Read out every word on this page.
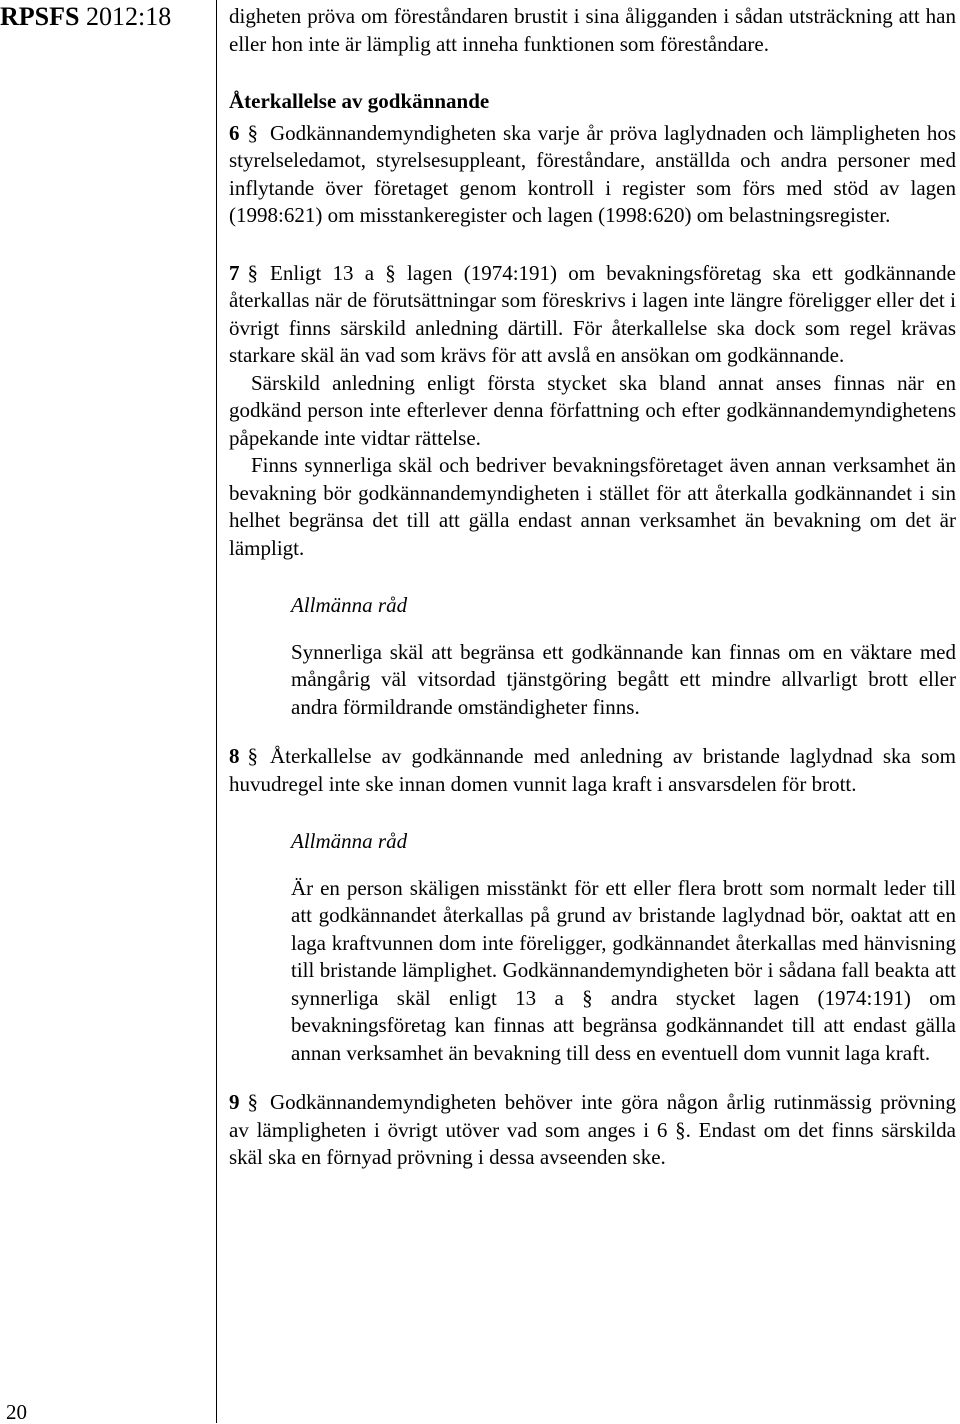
RPSFS 2012:18
20

digheten pröva om föreståndaren brustit i sina åligganden i sådan utsträckning att han eller hon inte är lämplig att inneha funktionen som föreståndare.

Återkallelse av godkännande

6 § Godkännandemyndigheten ska varje år pröva laglydnaden och lämpligheten hos styrelseledamot, styrelsesuppleant, föreståndare, anställda och andra personer med inflytande över företaget genom kontroll i register som förs med stöd av lagen (1998:621) om misstankeregister och lagen (1998:620) om belastningsregister.

7 § Enligt 13 a § lagen (1974:191) om bevakningsföretag ska ett godkännande återkallas när de förutsättningar som föreskrivs i lagen inte längre föreligger eller det i övrigt finns särskild anledning därtill. För återkallelse ska dock som regel krävas starkare skäl än vad som krävs för att avslå en ansökan om godkännande.

Särskild anledning enligt första stycket ska bland annat anses finnas när en godkänd person inte efterlever denna författning och efter godkännandemyndighetens påpekande inte vidtar rättelse.

Finns synnerliga skäl och bedriver bevakningsföretaget även annan verksamhet än bevakning bör godkännandemyndigheten i stället för att återkalla godkännandet i sin helhet begränsa det till att gälla endast annan verksamhet än bevakning om det är lämpligt.

Allmänna råd

Synnerliga skäl att begränsa ett godkännande kan finnas om en väktare med mångårig väl vitsordad tjänstgöring begått ett mindre allvarligt brott eller andra förmildrande omständigheter finns.

8 § Återkallelse av godkännande med anledning av bristande laglydnad ska som huvudregel inte ske innan domen vunnit laga kraft i ansvarsdelen för brott.

Allmänna råd

Är en person skäligen misstänkt för ett eller flera brott som normalt leder till att godkännandet återkallas på grund av bristande laglydnad bör, oaktat att en laga kraftvunnen dom inte föreligger, godkännandet återkallas med hänvisning till bristande lämplighet. Godkännandemyndigheten bör i sådana fall beakta att synnerliga skäl enligt 13 a § andra stycket lagen (1974:191) om bevakningsföretag kan finnas att begränsa godkännandet till att endast gälla annan verksamhet än bevakning till dess en eventuell dom vunnit laga kraft.

9 § Godkännandemyndigheten behöver inte göra någon årlig rutinmässig prövning av lämpligheten i övrigt utöver vad som anges i 6 §. Endast om det finns särskilda skäl ska en förnyad prövning i dessa avseenden ske.
